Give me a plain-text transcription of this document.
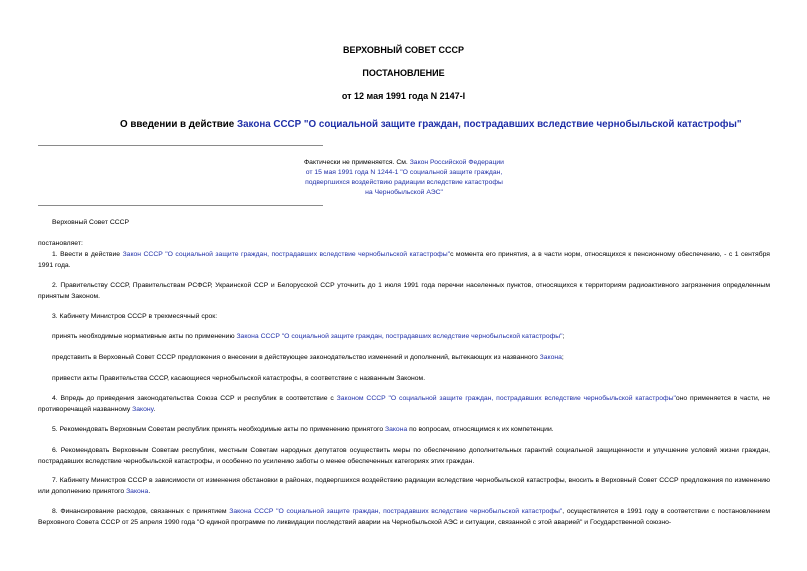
ВЕРХОВНЫЙ СОВЕТ СССР
ПОСТАНОВЛЕНИЕ
от 12 мая 1991 года N 2147-I
О введении в действие Закона СССР "О социальной защите граждан, пострадавших вследствие чернобыльской катастрофы"
Фактически не применяется. См. Закон Российской Федерации
от 15 мая 1991 года N 1244-1 "О социальной защите граждан,
подвергшихся воздействию радиации вследствие катастрофы
на Чернобыльской АЭС"
Верховный Совет СССР
постановляет:
1. Ввести в действие Закон СССР "О социальной защите граждан, пострадавших вследствие чернобыльской катастрофы"с момента его принятия, а в части норм, относящихся к пенсионному обеспечению, - с 1 сентября 1991 года.
2. Правительству СССР, Правительствам РСФСР, Украинской ССР и Белорусской ССР уточнить до 1 июля 1991 года перечни населенных пунктов, относящихся к территориям радиоактивного загрязнения определенным принятым Законом.
3. Кабинету Министров СССР в трехмесячный срок:
принять необходимые нормативные акты по применению Закона СССР "О социальной защите граждан, пострадавших вследствие чернобыльской катастрофы";
представить в Верховный Совет СССР предложения о внесении в действующее законодательство изменений и дополнений, вытекающих из названного Закона;
привести акты Правительства СССР, касающиеся чернобыльской катастрофы, в соответствие с названным Законом.
4. Впредь до приведения законодательства Союза ССР и республик в соответствие с Законом СССР "О социальной защите граждан, пострадавших вследствие чернобыльской катастрофы"оно применяется в части, не противоречащей названному Закону.
5. Рекомендовать Верховным Советам республик принять необходимые акты по применению принятого Закона по вопросам, относящимся к их компетенции.
6. Рекомендовать Верховным Советам республик, местным Советам народных депутатов осуществить меры по обеспечению дополнительных гарантий социальной защищенности и улучшение условий жизни граждан, пострадавших вследствие чернобыльской катастрофы, и особенно по усилению заботы о менее обеспеченных категориях этих граждан.
7. Кабинету Министров СССР в зависимости от изменения обстановки в районах, подвергшихся воздействию радиации вследствие чернобыльской катастрофы, вносить в Верховный Совет СССР предложения по изменению или дополнению принятого Закона.
8. Финансирование расходов, связанных с принятием Закона СССР "О социальной защите граждан, пострадавших вследствие чернобыльской катастрофы", осуществляется в 1991 году в соответствии с постановлением Верховного Совета СССР от 25 апреля 1990 года "О единой программе по ликвидации последствий аварии на Чернобыльской АЭС и ситуации, связанной с этой аварией" и Государственной союзно-
